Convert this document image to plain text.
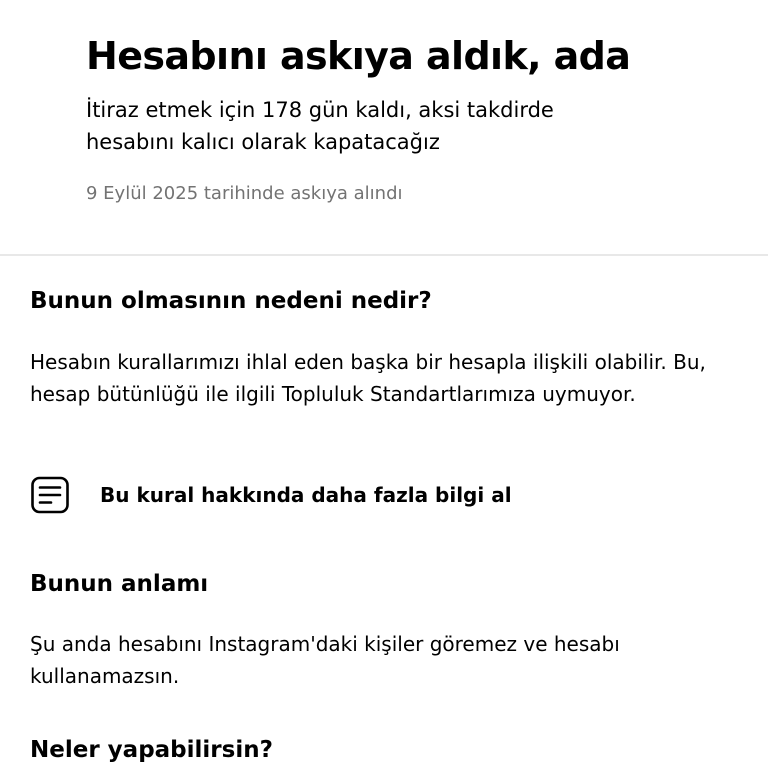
Hesabını askıya aldık, ada

İtiraz etmek için 178 gün kaldı, aksi takdirde hesabını kalıcı olarak kapatacağız

9 Eylül 2025 tarihinde askıya alındı

Bunun olmasının nedeni nedir?

Hesabın kurallarımızı ihlal eden başka bir hesapla ilişkili olabilir. Bu, hesap bütünlüğü ile ilgili Topluluk Standartlarımıza uymuyor.

Bu kural hakkında daha fazla bilgi al
Bunun anlamı

Şu anda hesabını Instagram'daki kişiler göremez ve hesabı kullanamazsın.

Neler yapabilirsin?
